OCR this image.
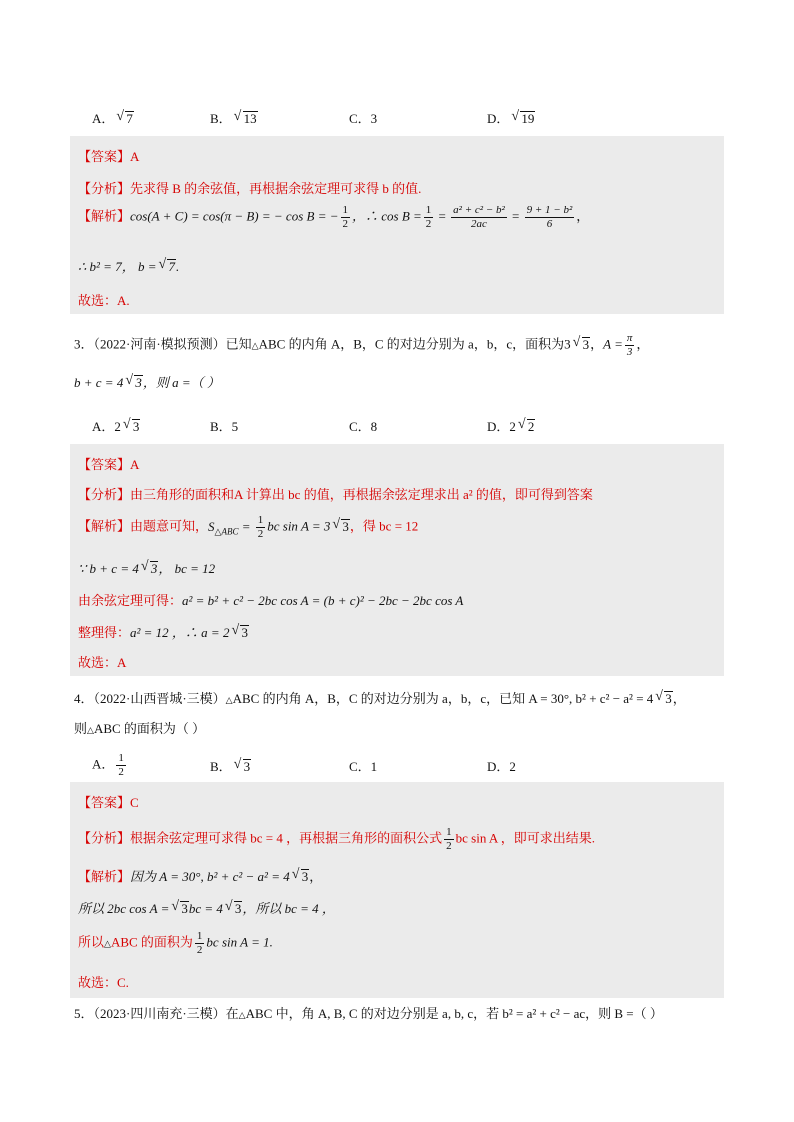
A． √ 7	B． √ 13	C．3	D． √ 19
【答案】A
【分析】先求得 B 的余弦值，再根据余弦定理可求得 b 的值.
【解析】cos(A + C) = cos(π − B) = − cos B = − $\frac{1}{2}$ ，∴ $\cos B = \frac{1}{2} = \frac{\text{a² + c² − b²}}{2ac} = \frac{\text{9 + 1 − b²}}{6}$ ，
∴ b² = 7， b = √ 7.
故选：A.
3．（2022·河南·模拟预测）已知△ABC 的内角 A，B，C 的对边分别为 a，b，c，面积为3 √ 3，$A = \frac{\pi}{3}$ ，
b + c = 4 √ 3，则 a =（ ）
A．2 √ 3	B．5	C．8	D．2 √ 2
【答案】A
【分析】由三角形的面积和A 计算出 bc 的值，再根据余弦定理求出 a² 的值，即可得到答案
【解析】由题意可知，$S_{\triangle ABC} = \frac{1}{2}$ bc sin A = 3 √ 3，得 bc = 12
∵ b + c = 4 √ 3， bc = 12
由余弦定理可得：a² = b² + c² − 2bc cos A = (b + c)² − 2bc − 2bc cos A
整理得：a² = 12 ，∴ a = 2 √ 3
故选：A
4．（2022·山西晋城·三模）△ABC 的内角 A，B，C 的对边分别为 a，b，c，已知 A = 30°, b² + c² − a² = 4 √ 3，
则△ABC 的面积为（ ）
A． $\frac{1}{2}$	B． √ 3	C．1	D．2
【答案】C
【分析】根据余弦定理可求得 bc = 4 ，再根据三角形的面积公式 $\frac{1}{2}$ bc sin A ，即可求出结果.
【解析】因为 A = 30°, b² + c² − a² = 4 √ 3，
所以 2bc cos A = √ 3bc = 4 √ 3，所以 bc = 4 ，
所以△ABC 的面积为 $\frac{1}{2}$ bc sin A = 1.
故选：C.
5．（2023·四川南充·三模）在△ABC 中，角 A, B, C 的对边分别是 a, b, c，若 b² = a² + c² − ac，则 B =（ ）
